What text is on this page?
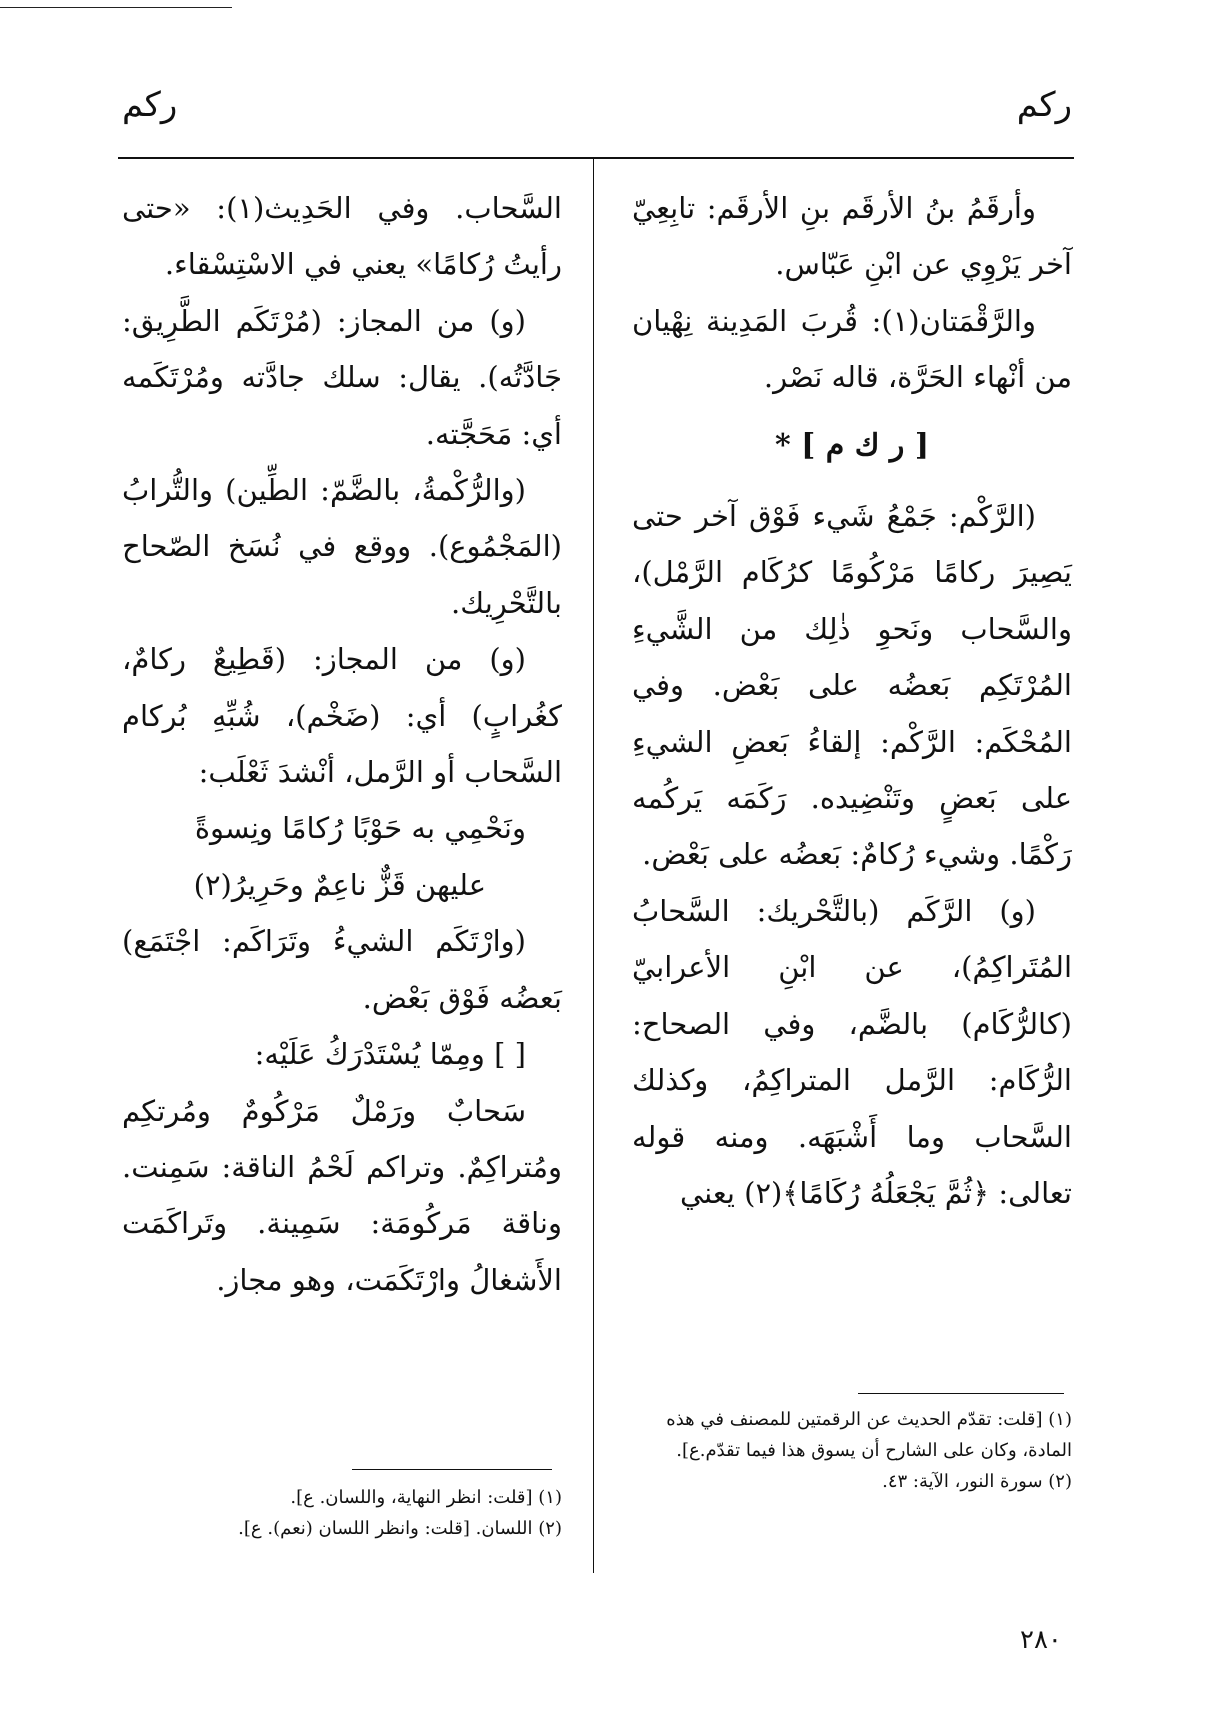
ركم
ركم

وأرقَمُ بنُ الأرقَم بنِ الأرقَم: تابِعِيّ آخر يَرْوِي عن ابْنِ عَبّاس.

والرَّقْمَتان(١): قُربَ المَدِينة نِهْيان من أنْهاء الحَرَّة، قاله نَصْر.

[ ر ك م ] *

(الرَّكْم: جَمْعُ شَيء فَوْق آخر حتى يَصِيرَ ركامًا مَرْكُومًا كرُكَام الرَّمْل)، والسَّحاب ونَحوِ ذٰلِك من الشَّيءِ المُرْتَكِم بَعضُه على بَعْض. وفي المُحْكَم: الرَّكْم: إلقاءُ بَعضِ الشيءِ على بَعضٍ وتَنْضِيده. رَكَمَه يَركُمه رَكْمًا. وشيء رُكامٌ: بَعضُه على بَعْض.

(و) الرَّكَم (بالتَّحْريك: السَّحابُ المُتَراكِمُ)، عن ابْنِ الأعرابيّ (كالرُّكَام) بالضَّم، وفي الصحاح: الرُّكَام: الرَّمل المتراكِمُ، وكذلك السَّحاب وما أَشْبَهَه. ومنه قوله تعالى: ﴿ثُمَّ يَجْعَلُهُ رُكَامًا﴾(٢) يعني

السَّحاب. وفي الحَدِيث(١): «حتى رأيتُ رُكامًا» يعني في الاسْتِسْقاء.

(و) من المجاز: (مُرْتَكَم الطَّرِيق: جَادَّتُه). يقال: سلك جادَّته ومُرْتَكَمه أي: مَحَجَّته.

(والرُّكْمةُ، بالضَّمّ: الطِّين) والتُّرابُ (المَجْمُوع). ووقع في نُسَخ الصّحاح بالتَّحْرِيك.

(و) من المجاز: (قَطِيعٌ ركامٌ، كغُرابٍ) أي: (ضَخْم)، شُبِّهِ بُركام السَّحاب أو الرَّمل، أنْشدَ ثَعْلَب:

ونَحْمِي به حَوْبًا رُكامًا ونِسوةً

عليهن قَزٌّ ناعِمٌ وحَرِيرُ(٢)

(وارْتَكَم الشيءُ وتَرَاكَم: اجْتَمَع) بَعضُه فَوْق بَعْض.

[ ] ومِمّا يُسْتَدْرَكُ عَلَيْه:

سَحابٌ ورَمْلٌ مَرْكُومٌ ومُرتكِم ومُتراكِمٌ. وتراكم لَحْمُ الناقة: سَمِنت. وناقة مَركُومَة: سَمِينة. وتَراكَمَت الأَشغالُ وارْتَكَمَت، وهو مجاز.

(١) [قلت: تقدّم الحديث عن الرقمتين للمصنف في هذه المادة، وكان على الشارح أن يسوق هذا فيما تقدّم.ع].

(٢) سورة النور، الآية: ٤٣.

(١) [قلت: انظر النهاية، واللسان. ع].

(٢) اللسان. [قلت: وانظر اللسان (نعم). ع].

٢٨٠
